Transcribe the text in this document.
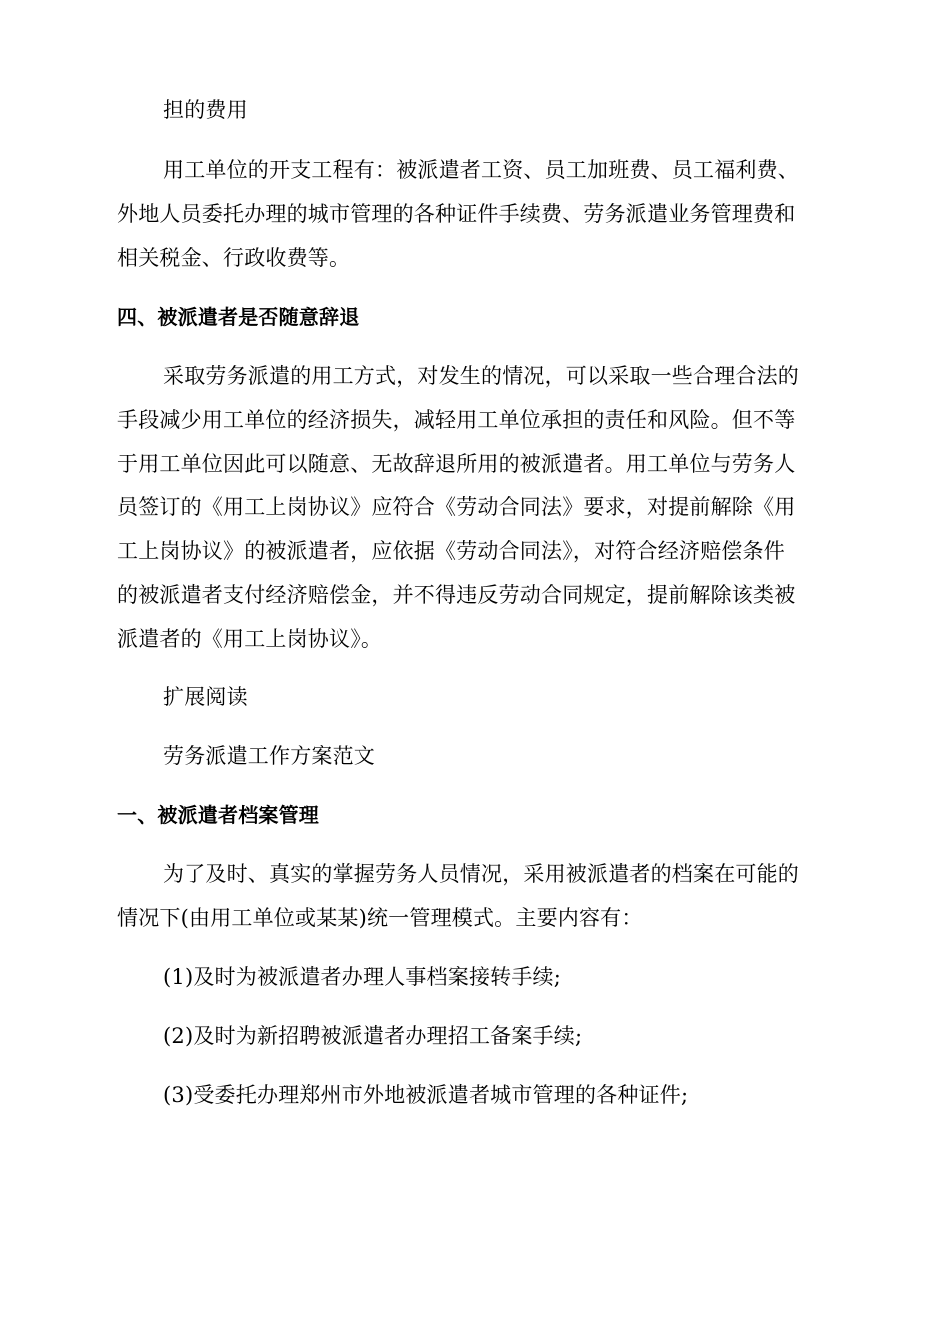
担的费用

用工单位的开支工程有：被派遣者工资、员工加班费、员工福利费、

外地人员委托办理的城市管理的各种证件手续费、劳务派遣业务管理费和

相关税金、行政收费等。

四、被派遣者是否随意辞退

采取劳务派遣的用工方式，对发生的情况，可以采取一些合理合法的

手段减少用工单位的经济损失，减轻用工单位承担的责任和风险。但不等

于用工单位因此可以随意、无故辞退所用的被派遣者。用工单位与劳务人

员签订的《用工上岗协议》应符合《劳动合同法》要求，对提前解除《用

工上岗协议》的被派遣者，应依据《劳动合同法》，对符合经济赔偿条件

的被派遣者支付经济赔偿金，并不得违反劳动合同规定，提前解除该类被

派遣者的《用工上岗协议》。

扩展阅读

劳务派遣工作方案范文

一、被派遣者档案管理

为了及时、真实的掌握劳务人员情况，采用被派遣者的档案在可能的

情况下(由用工单位或某某)统一管理模式。主要内容有：

(1)及时为被派遣者办理人事档案接转手续;

(2)及时为新招聘被派遣者办理招工备案手续;

(3)受委托办理郑州市外地被派遣者城市管理的各种证件;
